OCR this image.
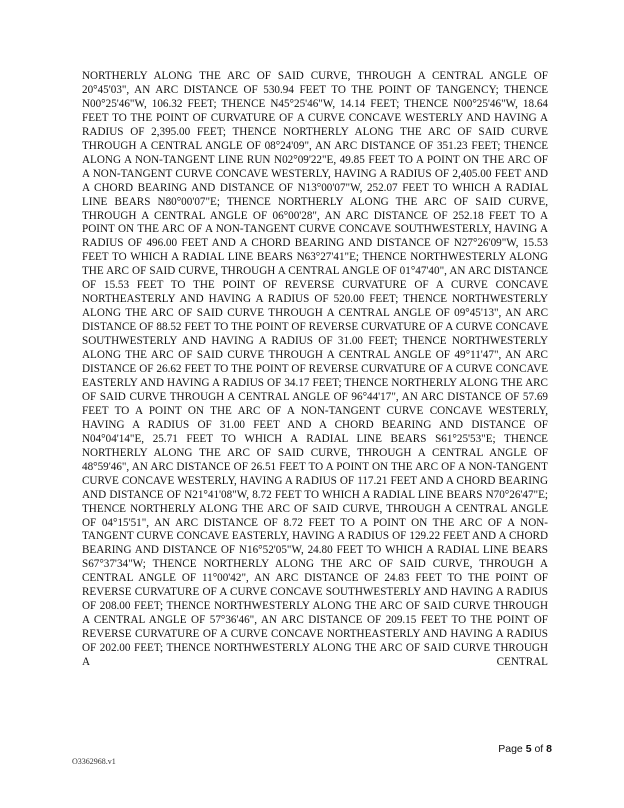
NORTHERLY ALONG THE ARC OF SAID CURVE, THROUGH A CENTRAL ANGLE OF 20°45'03", AN ARC DISTANCE OF 530.94 FEET TO THE POINT OF TANGENCY; THENCE N00°25'46"W, 106.32 FEET; THENCE N45°25'46"W, 14.14 FEET; THENCE N00°25'46"W, 18.64 FEET TO THE POINT OF CURVATURE OF A CURVE CONCAVE WESTERLY AND HAVING A RADIUS OF 2,395.00 FEET; THENCE NORTHERLY ALONG THE ARC OF SAID CURVE THROUGH A CENTRAL ANGLE OF 08°24'09", AN ARC DISTANCE OF 351.23 FEET; THENCE ALONG A NON-TANGENT LINE RUN N02°09'22"E, 49.85 FEET TO A POINT ON THE ARC OF A NON-TANGENT CURVE CONCAVE WESTERLY, HAVING A RADIUS OF 2,405.00 FEET AND A CHORD BEARING AND DISTANCE OF N13°00'07"W, 252.07 FEET TO WHICH A RADIAL LINE BEARS N80°00'07"E; THENCE NORTHERLY ALONG THE ARC OF SAID CURVE, THROUGH A CENTRAL ANGLE OF 06°00'28", AN ARC DISTANCE OF 252.18 FEET TO A POINT ON THE ARC OF A NON-TANGENT CURVE CONCAVE SOUTHWESTERLY, HAVING A RADIUS OF 496.00 FEET AND A CHORD BEARING AND DISTANCE OF N27°26'09"W, 15.53 FEET TO WHICH A RADIAL LINE BEARS N63°27'41"E; THENCE NORTHWESTERLY ALONG THE ARC OF SAID CURVE, THROUGH A CENTRAL ANGLE OF 01°47'40", AN ARC DISTANCE OF 15.53 FEET TO THE POINT OF REVERSE CURVATURE OF A CURVE CONCAVE NORTHEASTERLY AND HAVING A RADIUS OF 520.00 FEET; THENCE NORTHWESTERLY ALONG THE ARC OF SAID CURVE THROUGH A CENTRAL ANGLE OF 09°45'13", AN ARC DISTANCE OF 88.52 FEET TO THE POINT OF REVERSE CURVATURE OF A CURVE CONCAVE SOUTHWESTERLY AND HAVING A RADIUS OF 31.00 FEET; THENCE NORTHWESTERLY ALONG THE ARC OF SAID CURVE THROUGH A CENTRAL ANGLE OF 49°11'47", AN ARC DISTANCE OF 26.62 FEET TO THE POINT OF REVERSE CURVATURE OF A CURVE CONCAVE EASTERLY AND HAVING A RADIUS OF 34.17 FEET; THENCE NORTHERLY ALONG THE ARC OF SAID CURVE THROUGH A CENTRAL ANGLE OF 96°44'17", AN ARC DISTANCE OF 57.69 FEET TO A POINT ON THE ARC OF A NON-TANGENT CURVE CONCAVE WESTERLY, HAVING A RADIUS OF 31.00 FEET AND A CHORD BEARING AND DISTANCE OF N04°04'14"E, 25.71 FEET TO WHICH A RADIAL LINE BEARS S61°25'53"E; THENCE NORTHERLY ALONG THE ARC OF SAID CURVE, THROUGH A CENTRAL ANGLE OF 48°59'46", AN ARC DISTANCE OF 26.51 FEET TO A POINT ON THE ARC OF A NON-TANGENT CURVE CONCAVE WESTERLY, HAVING A RADIUS OF 117.21 FEET AND A CHORD BEARING AND DISTANCE OF N21°41'08"W, 8.72 FEET TO WHICH A RADIAL LINE BEARS N70°26'47"E; THENCE NORTHERLY ALONG THE ARC OF SAID CURVE, THROUGH A CENTRAL ANGLE OF 04°15'51", AN ARC DISTANCE OF 8.72 FEET TO A POINT ON THE ARC OF A NON-TANGENT CURVE CONCAVE EASTERLY, HAVING A RADIUS OF 129.22 FEET AND A CHORD BEARING AND DISTANCE OF N16°52'05"W, 24.80 FEET TO WHICH A RADIAL LINE BEARS S67°37'34"W; THENCE NORTHERLY ALONG THE ARC OF SAID CURVE, THROUGH A CENTRAL ANGLE OF 11°00'42", AN ARC DISTANCE OF 24.83 FEET TO THE POINT OF REVERSE CURVATURE OF A CURVE CONCAVE SOUTHWESTERLY AND HAVING A RADIUS OF 208.00 FEET; THENCE NORTHWESTERLY ALONG THE ARC OF SAID CURVE THROUGH A CENTRAL ANGLE OF 57°36'46", AN ARC DISTANCE OF 209.15 FEET TO THE POINT OF REVERSE CURVATURE OF A CURVE CONCAVE NORTHEASTERLY AND HAVING A RADIUS OF 202.00 FEET; THENCE NORTHWESTERLY ALONG THE ARC OF SAID CURVE THROUGH A CENTRAL

Page 5 of 8

O3362968.v1
